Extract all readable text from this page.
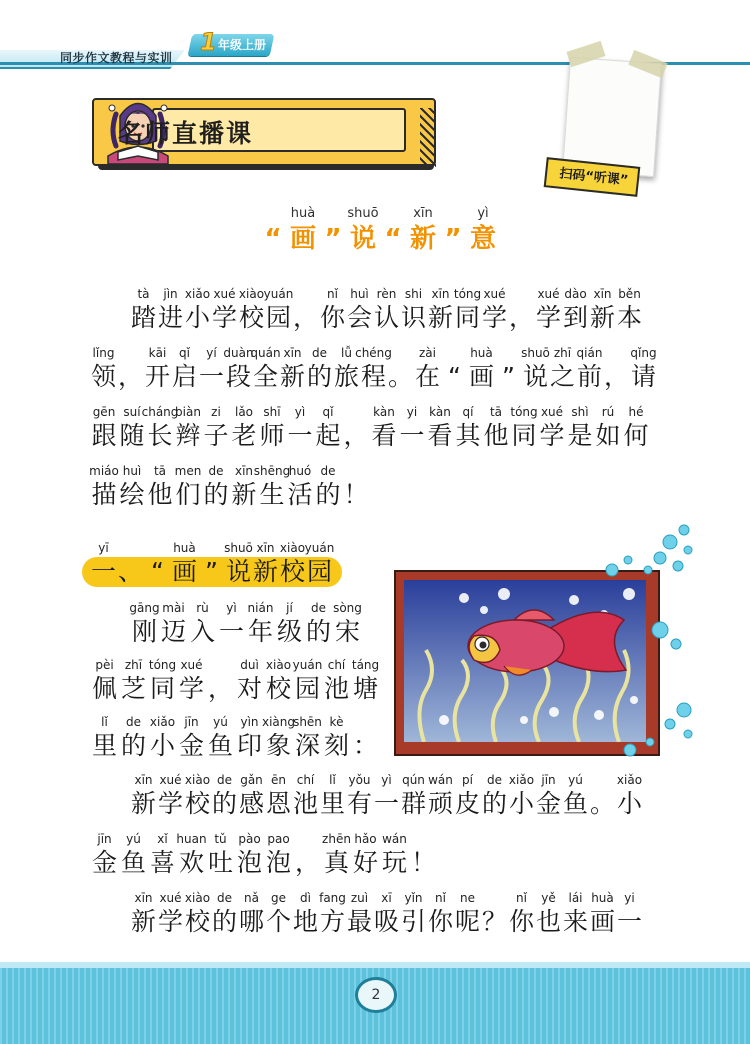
同步作文教程与实训
1 年级上册
名师直播课
扫码“听课”
“
huà
画 ”
shuō
说 “
xīn
新 ”
yì
意
tà
踏
jìn
进
xiǎo
小
xué
学
xiào
校
yuán
园 ，
nǐ
你
huì
会
rèn
认
shi
识
xīn
新
tóng
同
xué
学 ，
xué
学
dào
到
xīn
新
běn
本
lǐng
领 ，
kāi
开
qǐ
启
yí
一
duàn
段
quán
全
xīn
新
de
的
lǚ
旅
chéng
程 。
zài
在 “
huà
画 ”
shuō
说
zhī
之
qián
前 ，
qǐng
请
gēn
跟
suí
随
cháng
长
biàn
辫
zi
子
lǎo
老
shī
师
yì
一
qǐ
起 ，
kàn
看
yi
一
kàn
看
qí
其
tā
他
tóng
同
xué
学
shì
是
rú
如
hé
何
miáo
描
huì
绘
tā
他
men
们
de
的
xīn
新
shēng
生
huó
活
de
的 ！
yī
一 、 “
huà
画 ”
shuō
说
xīn
新
xiào
校
yuán
园
gāng
刚
mài
迈
rù
入
yì
一
nián
年
jí
级
de
的
sòng
宋
pèi
佩
zhī
芝
tóng
同
xué
学 ，
duì
对
xiào
校
yuán
园
chí
池
táng
塘
lǐ
里
de
的
xiǎo
小
jīn
金
yú
鱼
yìn
印
xiàng
象
shēn
深
kè
刻 ：
xīn
新
xué
学
xiào
校
de
的
gǎn
感
ēn
恩
chí
池
lǐ
里
yǒu
有
yì
一
qún
群
wán
顽
pí
皮
de
的
xiǎo
小
jīn
金
yú
鱼 。
xiǎo
小
jīn
金
yú
鱼
xǐ
喜
huan
欢
tǔ
吐
pào
泡
pao
泡 ，
zhēn
真
hǎo
好
wán
玩 ！
xīn
新
xué
学
xiào
校
de
的
nǎ
哪
ge
个
dì
地
fang
方
zuì
最
xī
吸
yǐn
引
nǐ
你
ne
呢 ？
nǐ
你
yě
也
lái
来
huà
画
yi
一
2
